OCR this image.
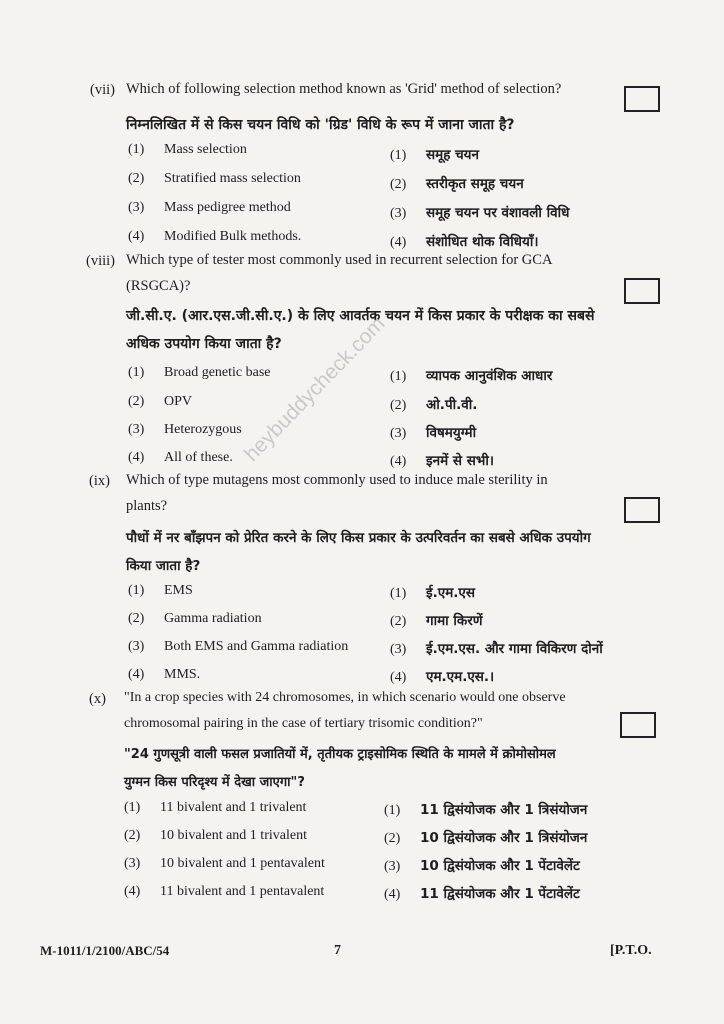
(vii) Which of following selection method known as 'Grid' method of selection?
निम्नलिखित में से किस चयन विधि को 'ग्रिड' विधि के रूप में जाना जाता है?
(1) Mass selection
(2) Stratified mass selection
(3) Mass pedigree method
(4) Modified Bulk methods.
(1) समूह चयन
(2) स्तरीकृत समूह चयन
(3) समूह चयन पर वंशावली विधि
(4) संशोधित थोक विधियाँ।
(viii) Which type of tester most commonly used in recurrent selection for GCA
(RSGCA)?
जी.सी.ए. (आर.एस.जी.सी.ए.) के लिए आवर्तक चयन में किस प्रकार के परीक्षक का सबसे
अधिक उपयोग किया जाता है?
(1) Broad genetic base
(2) OPV
(3) Heterozygous
(4) All of these.
(1) व्यापक आनुवंशिक आधार
(2) ओ.पी.वी.
(3) विषमयुग्मी
(4) इनमें से सभी।
(ix) Which of type mutagens most commonly used to induce male sterility in
plants?
पौधों में नर बाँझपन को प्रेरित करने के लिए किस प्रकार के उत्परिवर्तन का सबसे अधिक उपयोग
किया जाता है?
(1) EMS
(2) Gamma radiation
(3) Both EMS and Gamma radiation
(4) MMS.
(1) ई.एम.एस
(2) गामा किरणें
(3) ई.एम.एस. और गामा विकिरण दोनों
(4) एम.एम.एस.।
(x) "In a crop species with 24 chromosomes, in which scenario would one observe
chromosomal pairing in the case of tertiary trisomic condition?"
"24 गुणसूत्री वाली फसल प्रजातियों में, तृतीयक ट्राइसोमिक स्थिति के मामले में क्रोमोसोमल
युग्मन किस परिदृश्य में देखा जाएगा"?
(1) 11 bivalent and 1 trivalent
(2) 10 bivalent and 1 trivalent
(3) 10 bivalent and 1 pentavalent
(4) 11 bivalent and 1 pentavalent
(1) 11 द्विसंयोजक और 1 त्रिसंयोजन
(2) 10 द्विसंयोजक और 1 त्रिसंयोजन
(3) 10 द्विसंयोजक और 1 पेंटावेलेंट
(4) 11 द्विसंयोजक और 1 पेंटावेलेंट
heybuddycheck.com
M-1011/1/2100/ABC/54	7	[P.T.O.
